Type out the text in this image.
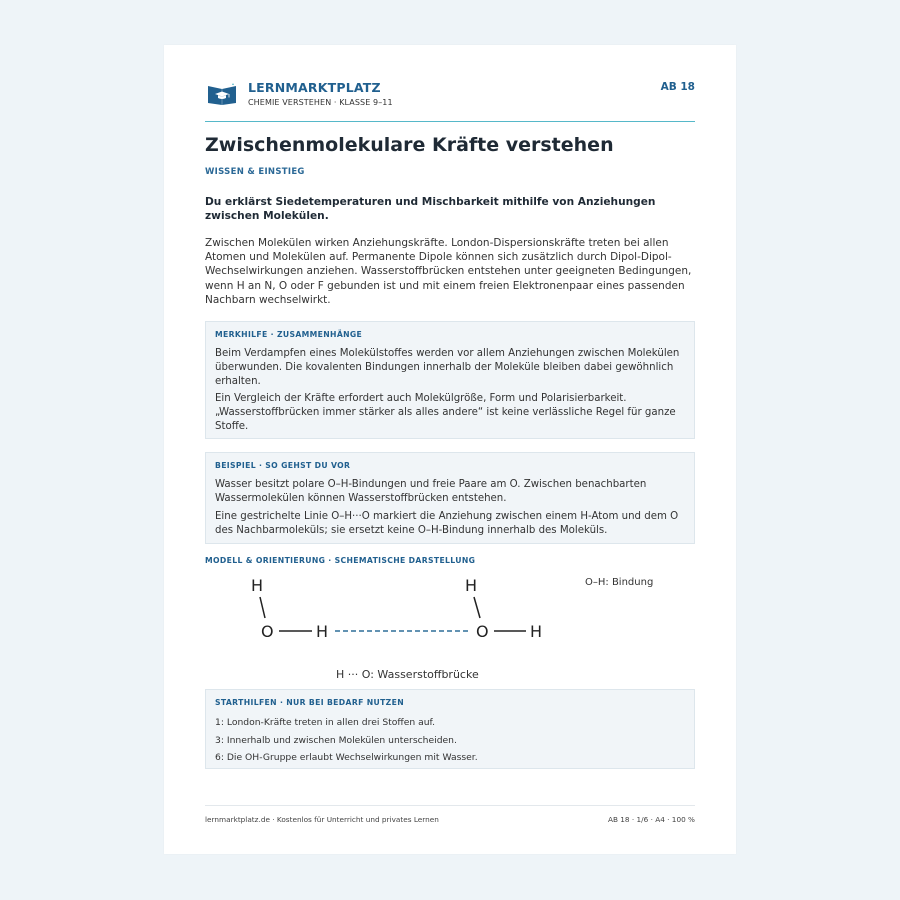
LERNMARKTPLATZ
CHEMIE VERSTEHEN · KLASSE 9–11
AB 18
Zwischenmolekulare Kräfte verstehen
WISSEN & EINSTIEG
Du erklärst Siedetemperaturen und Mischbarkeit mithilfe von Anziehungen zwischen Molekülen.

Zwischen Molekülen wirken Anziehungskräfte. London-Dispersionskräfte treten bei allen Atomen und Molekülen auf. Permanente Dipole können sich zusätzlich durch Dipol-Dipol-Wechselwirkungen anziehen. Wasserstoffbrücken entstehen unter geeigneten Bedingungen, wenn H an N, O oder F gebunden ist und mit einem freien Elektronenpaar eines passenden Nachbarn wechselwirkt.

MERKHILFE · ZUSAMMENHÄNGE

Beim Verdampfen eines Molekülstoffes werden vor allem Anziehungen zwischen Molekülen überwunden. Die kovalenten Bindungen innerhalb der Moleküle bleiben dabei gewöhnlich erhalten.

Ein Vergleich der Kräfte erfordert auch Molekülgröße, Form und Polarisierbarkeit. „Wasserstoffbrücken immer stärker als alles andere“ ist keine verlässliche Regel für ganze Stoffe.

BEISPIEL · SO GEHST DU VOR

Wasser besitzt polare O–H-Bindungen und freie Paare am O. Zwischen benachbarten Wassermolekülen können Wasserstoffbrücken entstehen.

Eine gestrichelte Linie O–H···O markiert die Anziehung zwischen einem H-Atom und dem O des Nachbarmoleküls; sie ersetzt keine O–H-Bindung innerhalb des Moleküls.

MODELL & ORIENTIERUNG · SCHEMATISCHE DARSTELLUNG
H
O	H
H
O	H
O–H: Bindung
H ··· O: Wasserstoffbrücke
STARTHILFEN · NUR BEI BEDARF NUTZEN
1: London-Kräfte treten in allen drei Stoffen auf.
3: Innerhalb und zwischen Molekülen unterscheiden.
6: Die OH-Gruppe erlaubt Wechselwirkungen mit Wasser.
lernmarktplatz.de · Kostenlos für Unterricht und privates Lernen	AB 18 · 1/6 · A4 · 100 %
